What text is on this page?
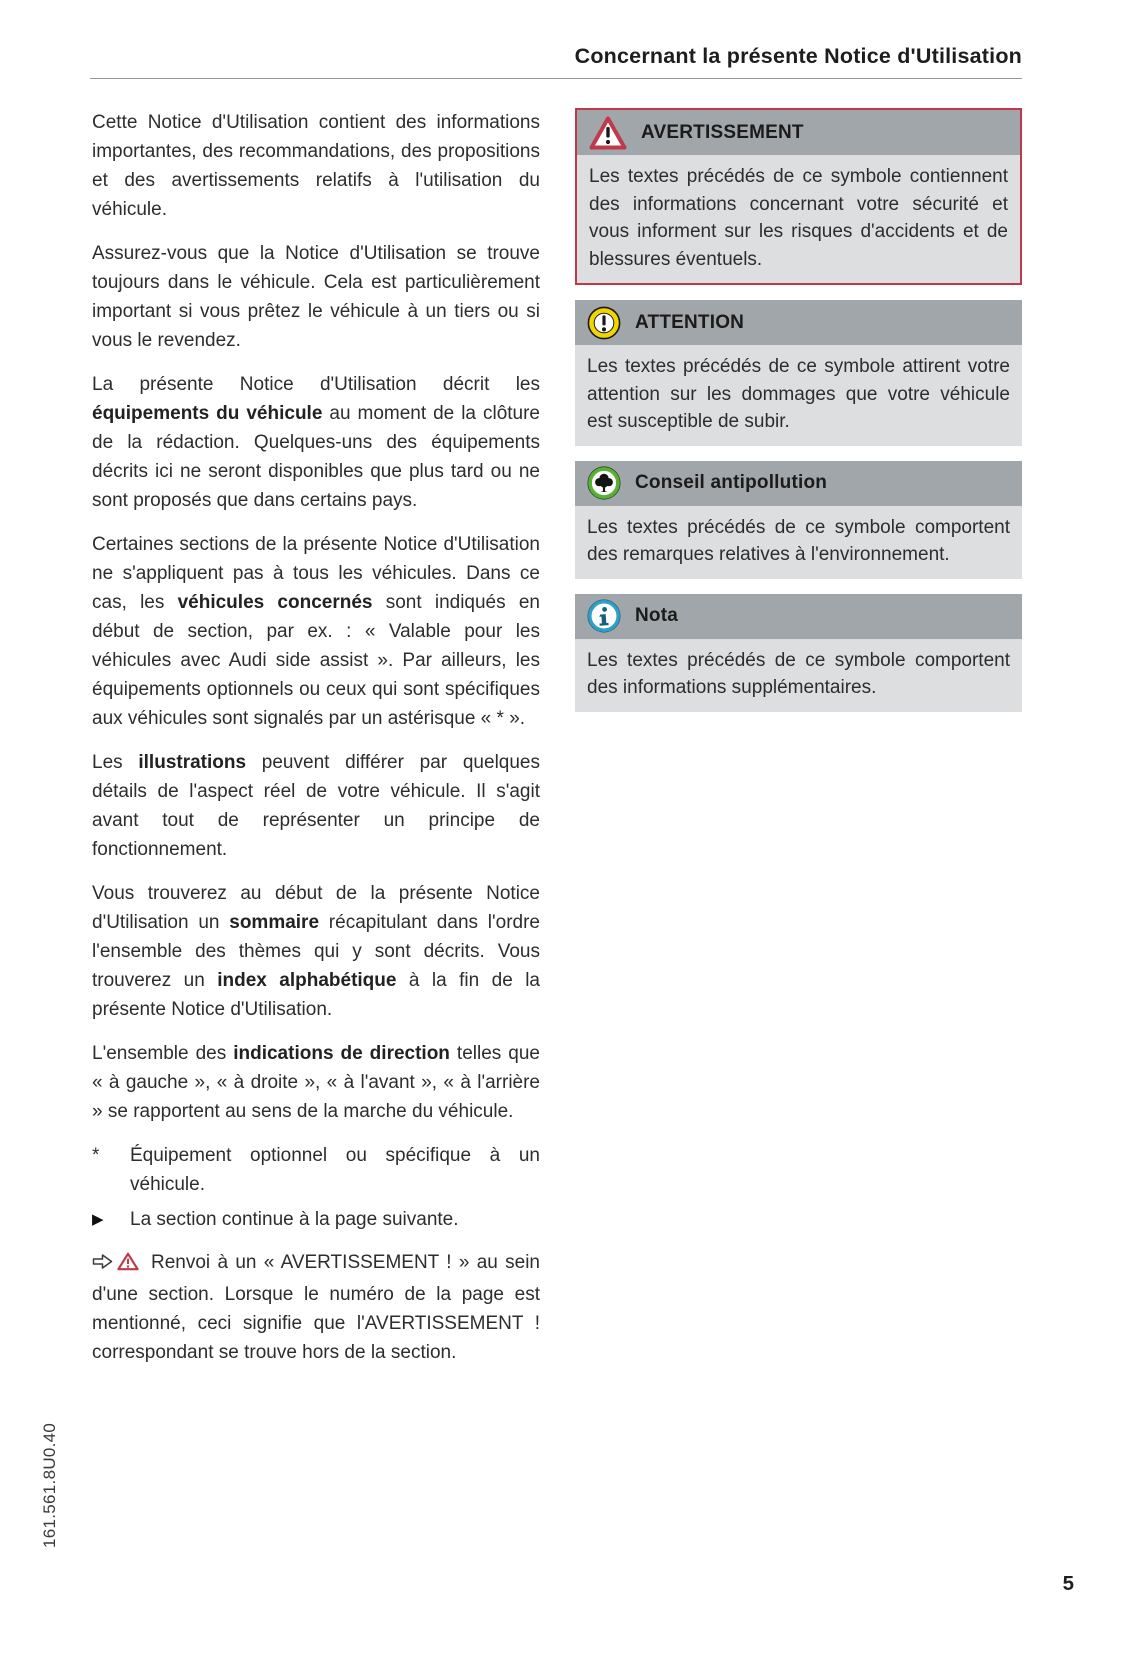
Concernant la présente Notice d'Utilisation

Cette Notice d'Utilisation contient des informations importantes, des recommandations, des propositions et des avertissements relatifs à l'utilisation du véhicule.

Assurez-vous que la Notice d'Utilisation se trouve toujours dans le véhicule. Cela est particulièrement important si vous prêtez le véhicule à un tiers ou si vous le revendez.

La présente Notice d'Utilisation décrit les équipements du véhicule au moment de la clôture de la rédaction. Quelques-uns des équipements décrits ici ne seront disponibles que plus tard ou ne sont proposés que dans certains pays.

Certaines sections de la présente Notice d'Utilisation ne s'appliquent pas à tous les véhicules. Dans ce cas, les véhicules concernés sont indiqués en début de section, par ex. : « Valable pour les véhicules avec Audi side assist ». Par ailleurs, les équipements optionnels ou ceux qui sont spécifiques aux véhicules sont signalés par un astérisque « * ».

Les illustrations peuvent différer par quelques détails de l'aspect réel de votre véhicule. Il s'agit avant tout de représenter un principe de fonctionnement.

Vous trouverez au début de la présente Notice d'Utilisation un sommaire récapitulant dans l'ordre l'ensemble des thèmes qui y sont décrits. Vous trouverez un index alphabétique à la fin de la présente Notice d'Utilisation.

L'ensemble des indications de direction telles que « à gauche », « à droite », « à l'avant », « à l'arrière » se rapportent au sens de la marche du véhicule.

*	Équipement optionnel ou spécifique à un véhicule.
▶	La section continue à la page suivante.

Renvoi à un « AVERTISSEMENT ! » au sein d'une section. Lorsque le numéro de la page est mentionné, ceci signifie que l'AVERTISSEMENT ! correspondant se trouve hors de la section.

AVERTISSEMENT
Les textes précédés de ce symbole contiennent des informations concernant votre sécurité et vous informent sur les risques d'accidents et de blessures éventuels.
ATTENTION
Les textes précédés de ce symbole attirent votre attention sur les dommages que votre véhicule est susceptible de subir.
Conseil antipollution
Les textes précédés de ce symbole comportent des remarques relatives à l'environnement.
Nota
Les textes précédés de ce symbole comportent des informations supplémentaires.
161.561.8U0.40
5
